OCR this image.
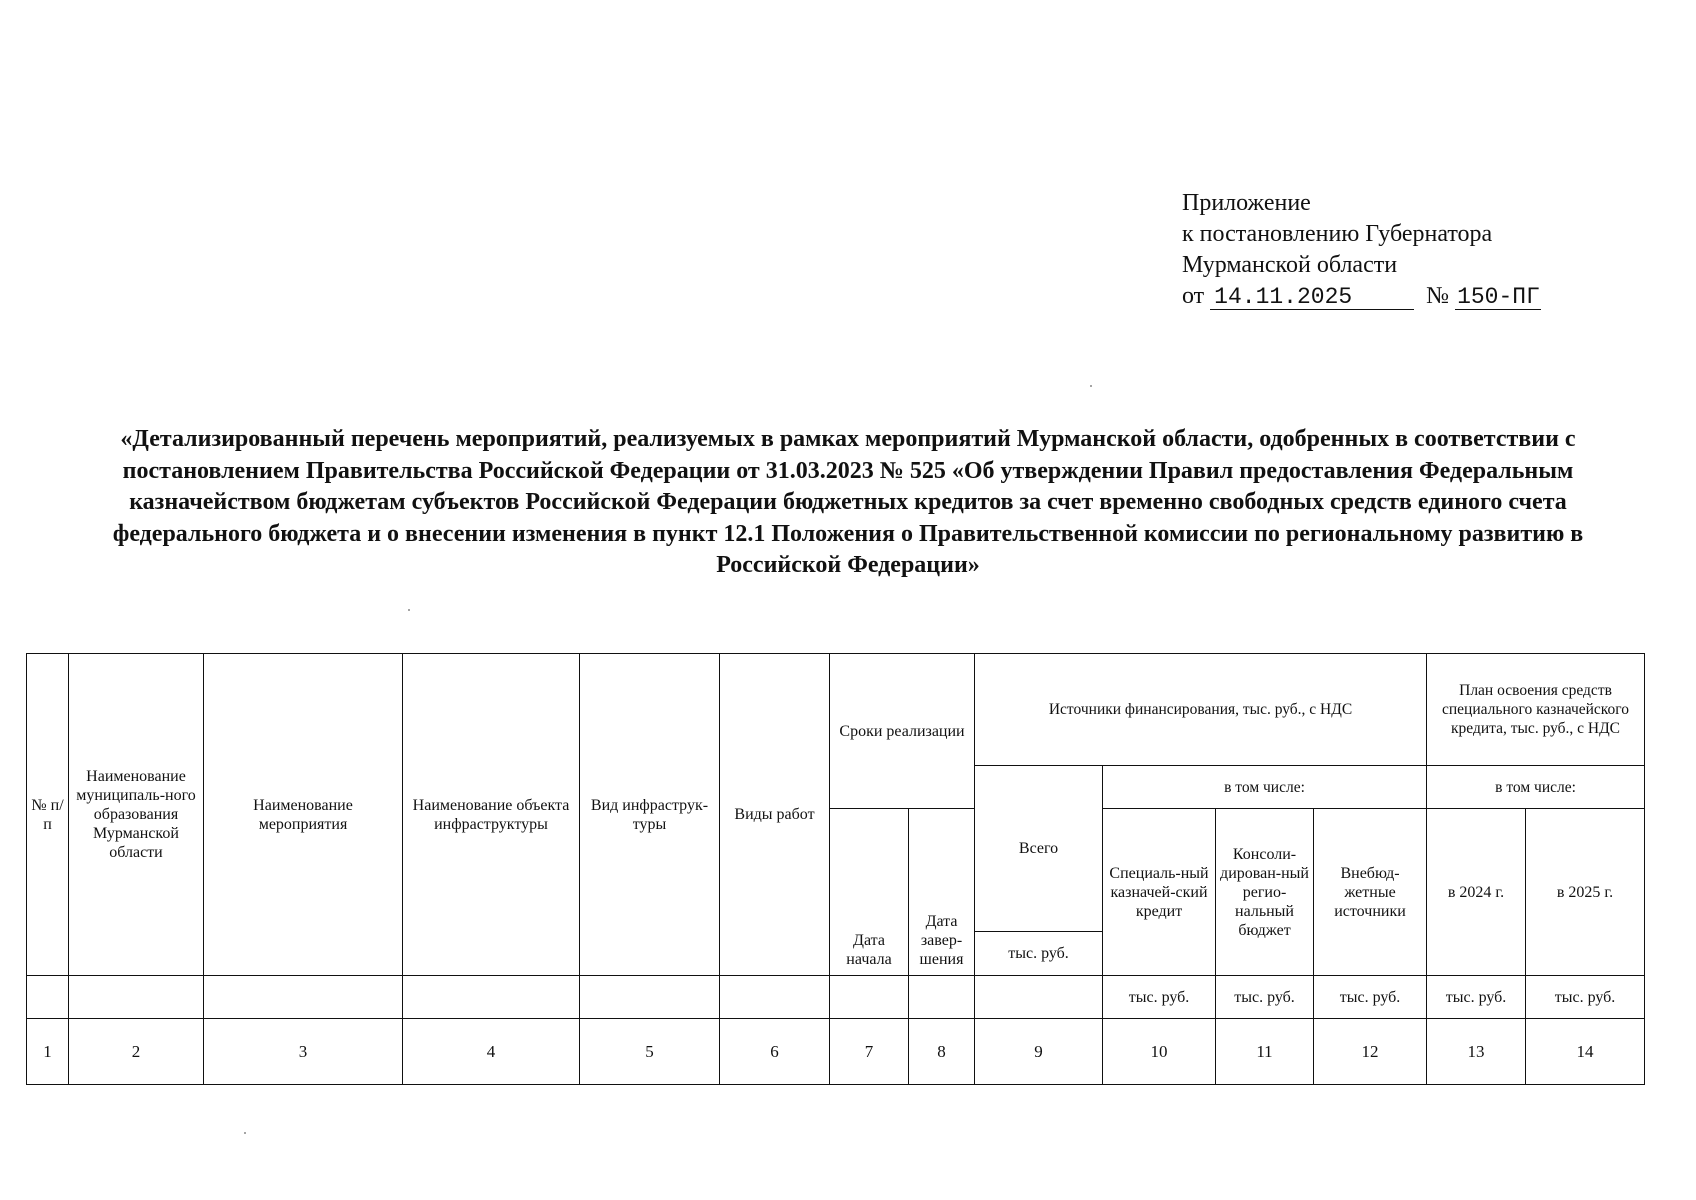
Приложение
к постановлению Губернатора
Мурманской области
от 14.11.2025	№ 150-ПГ
«Детализированный перечень мероприятий, реализуемых в рамках мероприятий Мурманской области, одобренных в соответствии с постановлением Правительства Российской Федерации от 31.03.2023 № 525 «Об утверждении Правил предоставления Федеральным казначейством бюджетам субъектов Российской Федерации бюджетных кредитов за счет временно свободных средств единого счета федерального бюджета и о внесении изменения в пункт 12.1 Положения о Правительственной комиссии по региональному развитию в Российской Федерации»
№ п/п	Наименование муниципаль-ного образования Мурманской области	Наименование мероприятия	Наименование объекта инфраструктуры	Вид инфраструк-туры	Виды работ	Сроки реализации		Источники финансирования, тыс. руб., с НДС				План освоения средств специального казначейского кредита, тыс. руб., с НДС	
								Всего	в том числе:			в том числе:	
						Дата начала	Дата завер-шения		Специаль-ный казначей-ский кредит	Консоли-дирован-ный регио-нальный бюджет	Внебюд-жетные источники	в 2024 г.	в 2025 г.
								тыс. руб.					

									тыс. руб.	тыс. руб.	тыс. руб.	тыс. руб.	тыс. руб.
1	2	3	4	5	6	7	8	9	10	11	12	13	14
